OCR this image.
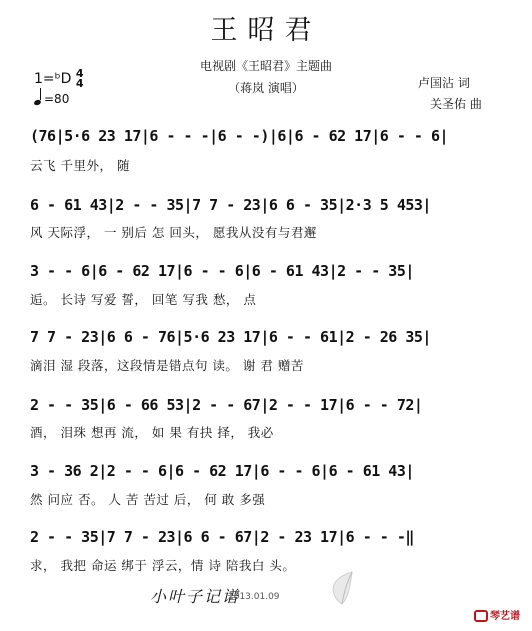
王昭君
电视剧《王昭君》主题曲
（蒋岚 演唱）	卢国沾 词
关圣佑 曲
1=ᵇD 4
4
=80
(76|5·6 23 17|6 - - -|6 - -)|6|6 - 62 17|6 - - 6|
云飞 千里外， 随
6 - 61 43|2 - - 35|7 7 - 23|6 6 - 35|2·3 5 453|
风 天际浮， 一 别后 怎 回头， 愿我从没有与君邂
3 - - 6|6 - 62 17|6 - - 6|6 - 61 43|2 - - 35|
逅。 长诗 写爱 誓， 回笔 写我 愁， 点
7 7 - 23|6 6 - 76|5·6 23 17|6 - - 61|2 - 26 35|
滴泪 湿 段落，这段情是错点句 读。 谢 君 赠苦
2 - - 35|6 - 66 53|2 - - 67|2 - - 17|6 - - 72|
酒， 泪珠 想再 流， 如 果 有抉 择， 我必
3 - 36 2|2 - - 6|6 - 62 17|6 - - 6|6 - 61 43|
然 问应 否。 人 苦 苦过 后， 何 敢 多强
2 - - 35|7 7 - 23|6 6 - 67|2 - 23 17|6 - - -‖
求， 我把 命运 绑于 浮云，情 诗 陪我白 头。
小叶子记谱
2013.01.09
琴艺谱
